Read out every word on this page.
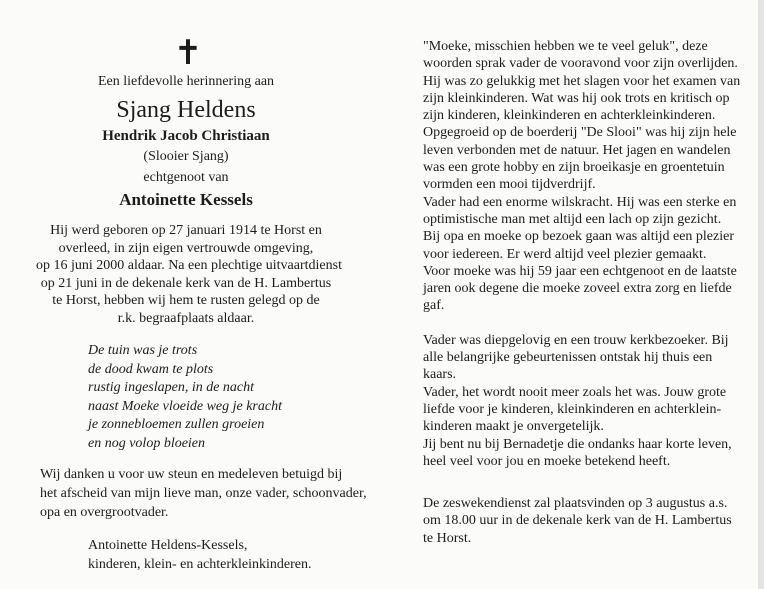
✝
Een liefdevolle herinnering aan
Sjang Heldens
Hendrik Jacob Christiaan
(Slooier Sjang)
echtgenoot van
Antoinette Kessels
Hij werd geboren op 27 januari 1914 te Horst en
overleed, in zijn eigen vertrouwde omgeving,
op 16 juni 2000 aldaar. Na een plechtige uitvaartdienst
op 21 juni in de dekenale kerk van de H. Lambertus
te Horst, hebben wij hem te rusten gelegd op de
r.k. begraafplaats aldaar.
De tuin was je trots
de dood kwam te plots
rustig ingeslapen, in de nacht
naast Moeke vloeide weg je kracht
je zonnebloemen zullen groeien
en nog volop bloeien
Wij danken u voor uw steun en medeleven betuigd bij
het afscheid van mijn lieve man, onze vader, schoonvader,
opa en overgrootvader.
Antoinette Heldens-Kessels,
kinderen, klein- en achterkleinkinderen.
"Moeke, misschien hebben we te veel geluk", deze
woorden sprak vader de vooravond voor zijn overlijden.
Hij was zo gelukkig met het slagen voor het examen van
zijn kleinkinderen. Wat was hij ook trots en kritisch op
zijn kinderen, kleinkinderen en achterkleinkinderen.
Opgegroeid op de boerderij "De Slooi" was hij zijn hele
leven verbonden met de natuur. Het jagen en wandelen
was een grote hobby en zijn broeikasje en groentetuin
vormden een mooi tijdverdrijf.
Vader had een enorme wilskracht. Hij was een sterke en
optimistische man met altijd een lach op zijn gezicht.
Bij opa en moeke op bezoek gaan was altijd een plezier
voor iedereen. Er werd altijd veel plezier gemaakt.
Voor moeke was hij 59 jaar een echtgenoot en de laatste
jaren ook degene die moeke zoveel extra zorg en liefde
gaf.
Vader was diepgelovig en een trouw kerkbezoeker. Bij
alle belangrijke gebeurtenissen ontstak hij thuis een
kaars.
Vader, het wordt nooit meer zoals het was. Jouw grote
liefde voor je kinderen, kleinkinderen en achterklein-
kinderen maakt je onvergetelijk.
Jij bent nu bij Bernadetje die ondanks haar korte leven,
heel veel voor jou en moeke betekend heeft.
De zeswekendienst zal plaatsvinden op 3 augustus a.s.
om 18.00 uur in de dekenale kerk van de H. Lambertus
te Horst.
